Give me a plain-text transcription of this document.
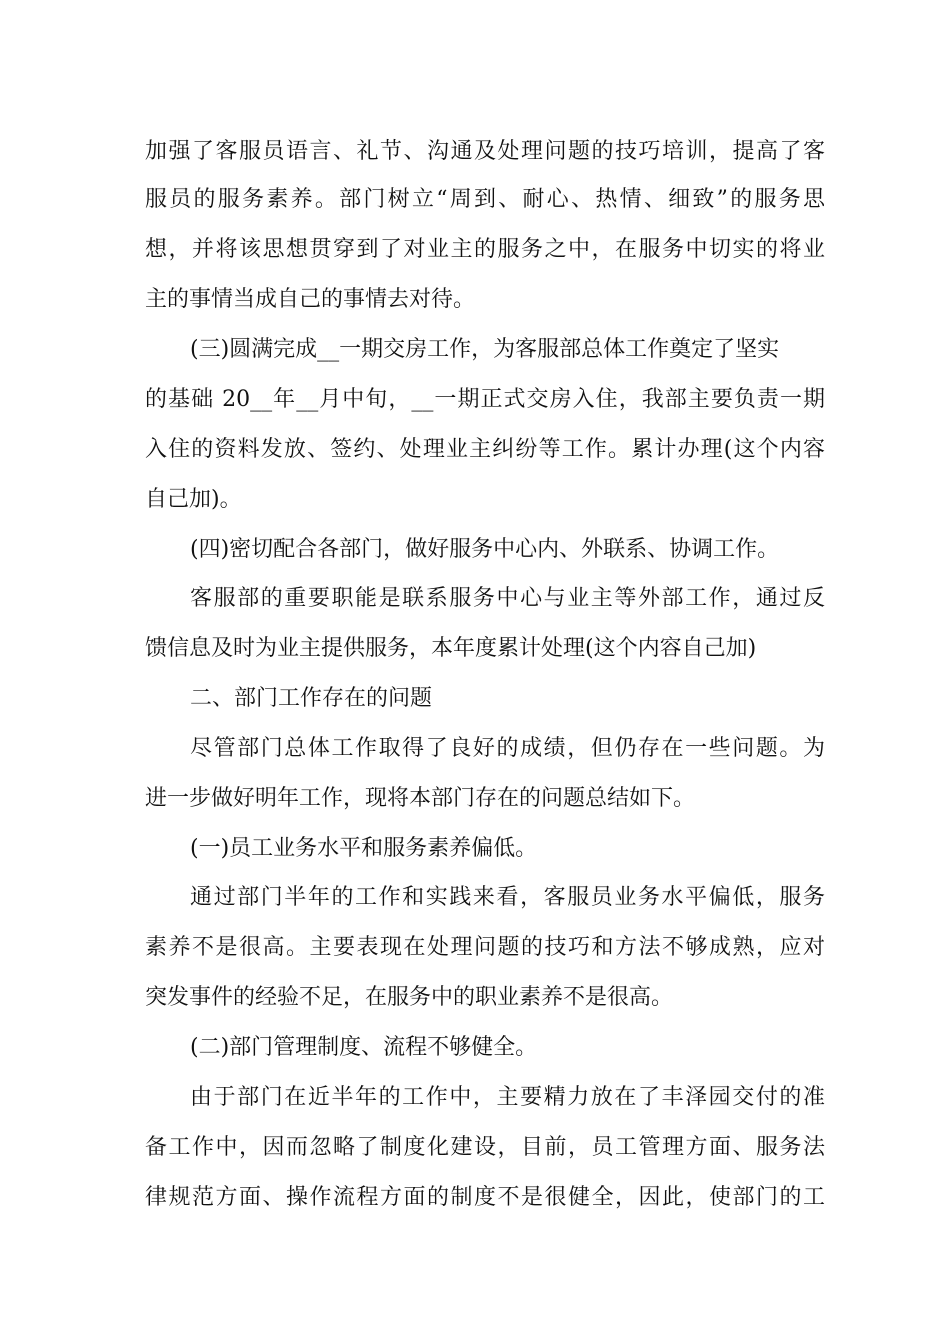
加强了客服员语言、礼节、沟通及处理问题的技巧培训，提高了客
服员的服务素养。部门树立“周到、耐心、热情、细致”的服务思
想，并将该思想贯穿到了对业主的服务之中，在服务中切实的将业
主的事情当成自己的事情去对待。
(三)圆满完成__一期交房工作，为客服部总体工作奠定了坚实
的基础 20__年__月中旬，__一期正式交房入住，我部主要负责一期
入住的资料发放、签约、处理业主纠纷等工作。累计办理(这个内容
自己加)。
(四)密切配合各部门，做好服务中心内、外联系、协调工作。
客服部的重要职能是联系服务中心与业主等外部工作，通过反
馈信息及时为业主提供服务，本年度累计处理(这个内容自己加)
二、部门工作存在的问题
尽管部门总体工作取得了良好的成绩，但仍存在一些问题。为
进一步做好明年工作，现将本部门存在的问题总结如下。
(一)员工业务水平和服务素养偏低。
通过部门半年的工作和实践来看，客服员业务水平偏低，服务
素养不是很高。主要表现在处理问题的技巧和方法不够成熟，应对
突发事件的经验不足，在服务中的职业素养不是很高。
(二)部门管理制度、流程不够健全。
由于部门在近半年的工作中，主要精力放在了丰泽园交付的准
备工作中，因而忽略了制度化建设，目前，员工管理方面、服务法
律规范方面、操作流程方面的制度不是很健全，因此，使部门的工
